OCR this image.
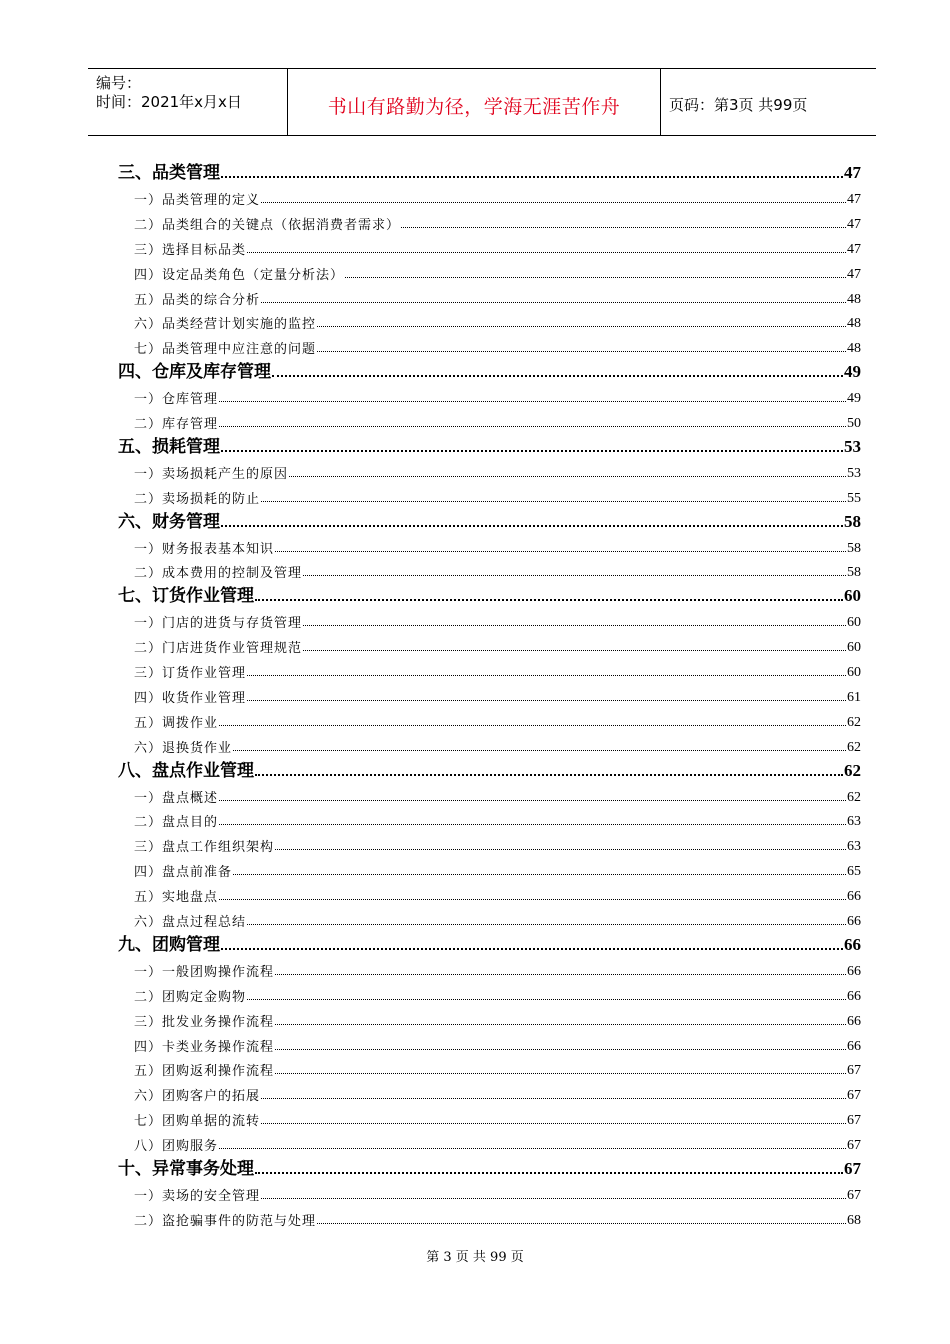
编号：
时间：2021年x月x日	书山有路勤为径，学海无涯苦作舟	页码：第3页 共99页
三、品类管理	47
一）品类管理的定义	47
二）品类组合的关键点（依据消费者需求）	47
三）选择目标品类	47
四）设定品类角色（定量分析法）	47
五）品类的综合分析	48
六）品类经营计划实施的监控	48
七）品类管理中应注意的问题	48
四、仓库及库存管理	49
一）仓库管理	49
二）库存管理	50
五、损耗管理	53
一）卖场损耗产生的原因	53
二）卖场损耗的防止	55
六、财务管理	58
一）财务报表基本知识	58
二）成本费用的控制及管理	58
七、订货作业管理	60
一）门店的进货与存货管理	60
二）门店进货作业管理规范	60
三）订货作业管理	60
四）收货作业管理	61
五）调拨作业	62
六）退换货作业	62
八、盘点作业管理	62
一）盘点概述	62
二）盘点目的	63
三）盘点工作组织架构	63
四）盘点前准备	65
五）实地盘点	66
六）盘点过程总结	66
九、团购管理	66
一）一般团购操作流程	66
二）团购定金购物	66
三）批发业务操作流程	66
四）卡类业务操作流程	66
五）团购返利操作流程	67
六）团购客户的拓展	67
七）团购单据的流转	67
八）团购服务	67
十、异常事务处理	67
一）卖场的安全管理	67
二）盗抢骗事件的防范与处理	68
第 3 页 共 99 页
